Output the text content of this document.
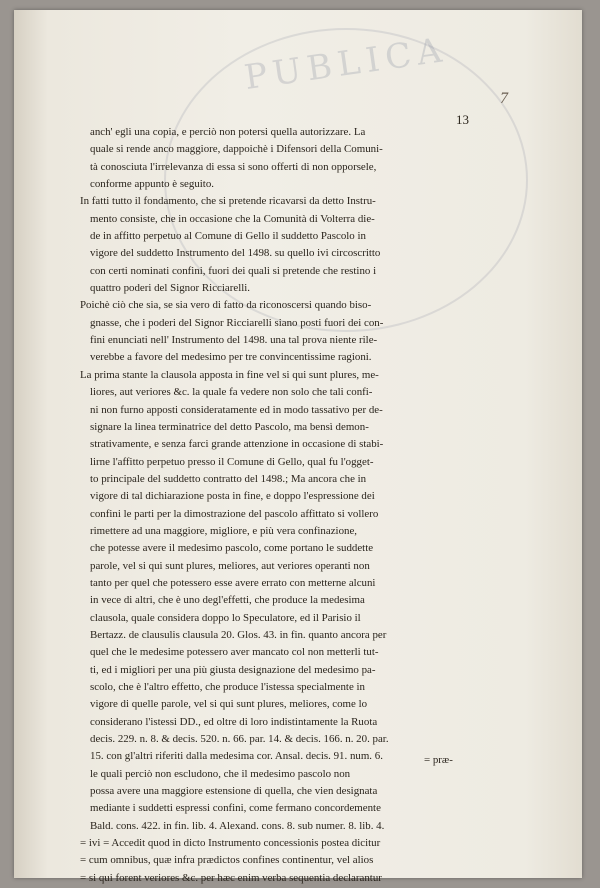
PUBLICA
7
13
anch' egli una copia, e perciò non potersi quella autorizzare. La
quale si rende anco maggiore, dappoichè i Difensori della Comuni-
tà conosciuta l'irrelevanza di essa si sono offerti di non opporsele,
conforme appunto è seguito.
In fatti tutto il fondamento, che si pretende ricavarsi da detto Instru-
mento consiste, che in occasione che la Comunità di Volterra die-
de in affitto perpetuo al Comune di Gello il suddetto Pascolo in
vigore del suddetto Instrumento del 1498. su quello ivi circoscritto
con certi nominati confini, fuori dei quali si pretende che restino i
quattro poderi del Signor Ricciarelli.
Poichè ciò che sia, se sia vero di fatto da riconoscersi quando biso-
gnasse, che i poderi del Signor Ricciarelli siano posti fuori dei con-
fini enunciati nell' Instrumento del 1498. una tal prova niente rile-
verebbe a favore del medesimo per tre convincentissime ragioni.
La prima stante la clausola apposta in fine vel si qui sunt plures, me-
liores, aut veriores &c. la quale fa vedere non solo che tali confi-
ni non furno apposti consideratamente ed in modo tassativo per de-
signare la linea terminatrice del detto Pascolo, ma bensì demon-
strativamente, e senza farci grande attenzione in occasione di stabi-
lirne l'affitto perpetuo presso il Comune di Gello, qual fu l'ogget-
to principale del suddetto contratto del 1498.; Ma ancora che in
vigore di tal dichiarazione posta in fine, e doppo l'espressione dei
confini le parti per la dimostrazione del pascolo affittato si vollero
rimettere ad una maggiore, migliore, e più vera confinazione,
che potesse avere il medesimo pascolo, come portano le suddette
parole, vel si qui sunt plures, meliores, aut veriores operanti non
tanto per quel che potessero esse avere errato con metterne alcuni
in vece di altri, che è uno degl'effetti, che produce la medesima
clausola, quale considera doppo lo Speculatore, ed il Parisio il
Bertazz. de clausulis clausula 20. Glos. 43. in fin. quanto ancora per
quel che le medesime potessero aver mancato col non metterli tut-
ti, ed i migliori per una più giusta designazione del medesimo pa-
scolo, che è l'altro effetto, che produce l'istessa specialmente in
vigore di quelle parole, vel si qui sunt plures, meliores, come lo
considerano l'istessi DD., ed oltre di loro indistintamente la Ruota
decis. 229. n. 8. & decis. 520. n. 66. par. 14. & decis. 166. n. 20. par.
15. con gl'altri riferiti dalla medesima cor. Ansal. decis. 91. num. 6.
le quali perciò non escludono, che il medesimo pascolo non
possa avere una maggiore estensione di quella, che vien designata
mediante i suddetti espressi confini, come fermano concordemente
Bald. cons. 422. in fin. lib. 4. Alexand. cons. 8. sub numer. 8. lib. 4.
= ivi = Accedit quod in dicto Instrumento concessionis postea dicitur
= cum omnibus, quæ infra prædictos confines continentur, vel alios
= si qui forent veriores &c. per hæc enim verba sequentia declarantur
= præ-
